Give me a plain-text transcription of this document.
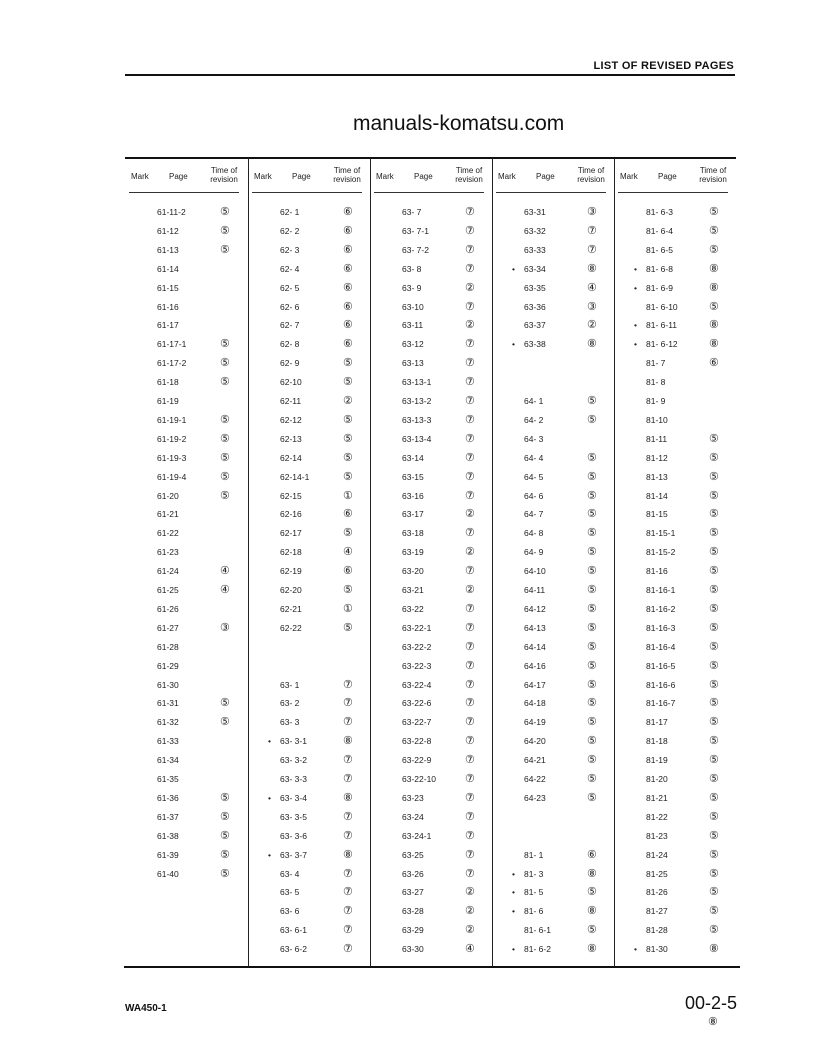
LIST OF REVISED PAGES
Mark	Page
Time of
revision
61-11-2	⑤
61-12	⑤
61-13	⑤
61-14
61-15
61-16
61-17
61-17-1	⑤
61-17-2	⑤
61-18	⑤
61-19
61-19-1	⑤
61-19-2	⑤
61-19-3	⑤
61-19-4	⑤
61-20	⑤
61-21
61-22
61-23
61-24	④
61-25	④
61-26
61-27	③
61-28
61-29
61-30
61-31	⑤
61-32	⑤
61-33
61-34
61-35
61-36	⑤
61-37	⑤
61-38	⑤
61-39	⑤
61-40	⑤
Mark	Page
Time of
revision
62- 1	⑥
62- 2	⑥
62- 3	⑥
62- 4	⑥
62- 5	⑥
62- 6	⑥
62- 7	⑥
62- 8	⑥
62- 9	⑤
62-10	⑤
62-11	②
62-12	⑤
62-13	⑤
62-14	⑤
62-14-1	⑤
62-15	①
62-16	⑥
62-17	⑤
62-18	④
62-19	⑥
62-20	⑤
62-21	①
62-22	⑤
63- 1	⑦
63- 2	⑦
63- 3	⑦
• 63- 3-1	⑧
63- 3-2	⑦
63- 3-3	⑦
• 63- 3-4	⑧
63- 3-5	⑦
63- 3-6	⑦
• 63- 3-7	⑧
63- 4	⑦
63- 5	⑦
63- 6	⑦
63- 6-1	⑦
63- 6-2	⑦
Mark	Page
Time of
revision
63- 7	⑦
63- 7-1	⑦
63- 7-2	⑦
63- 8	⑦
63- 9	②
63-10	⑦
63-11	②
63-12	⑦
63-13	⑦
63-13-1	⑦
63-13-2	⑦
63-13-3	⑦
63-13-4	⑦
63-14	⑦
63-15	⑦
63-16	⑦
63-17	②
63-18	⑦
63-19	②
63-20	⑦
63-21	②
63-22	⑦
63-22-1	⑦
63-22-2	⑦
63-22-3	⑦
63-22-4	⑦
63-22-6	⑦
63-22-7	⑦
63-22-8	⑦
63-22-9	⑦
63-22-10	⑦
63-23	⑦
63-24	⑦
63-24-1	⑦
63-25	⑦
63-26	⑦
63-27	②
63-28	②
63-29	②
63-30	④
Mark	Page
Time of
revision
63-31	③
63-32	⑦
63-33	⑦
• 63-34	⑧
63-35	④
63-36	③
63-37	②
• 63-38	⑧
64- 1	⑤
64- 2	⑤
64- 3
64- 4	⑤
64- 5	⑤
64- 6	⑤
64- 7	⑤
64- 8	⑤
64- 9	⑤
64-10	⑤
64-11	⑤
64-12	⑤
64-13	⑤
64-14	⑤
64-16	⑤
64-17	⑤
64-18	⑤
64-19	⑤
64-20	⑤
64-21	⑤
64-22	⑤
64-23	⑤
81- 1	⑥
• 81- 3	⑧
• 81- 5	⑤
• 81- 6	⑧
81- 6-1	⑤
• 81- 6-2	⑧
Mark	Page
Time of
revision
81- 6-3	⑤
81- 6-4	⑤
81- 6-5	⑤
• 81- 6-8	⑧
• 81- 6-9	⑧
81- 6-10	⑤
• 81- 6-11	⑧
• 81- 6-12	⑧
81- 7	⑥
81- 8
81- 9
81-10
81-11	⑤
81-12	⑤
81-13	⑤
81-14	⑤
81-15	⑤
81-15-1	⑤
81-15-2	⑤
81-16	⑤
81-16-1	⑤
81-16-2	⑤
81-16-3	⑤
81-16-4	⑤
81-16-5	⑤
81-16-6	⑤
81-16-7	⑤
81-17	⑤
81-18	⑤
81-19	⑤
81-20	⑤
81-21	⑤
81-22	⑤
81-23	⑤
81-24	⑤
81-25	⑤
81-26	⑤
81-27	⑤
81-28	⑤
• 81-30	⑧
manuals-komatsu.com
WA450-1	00-2-5
⑧
